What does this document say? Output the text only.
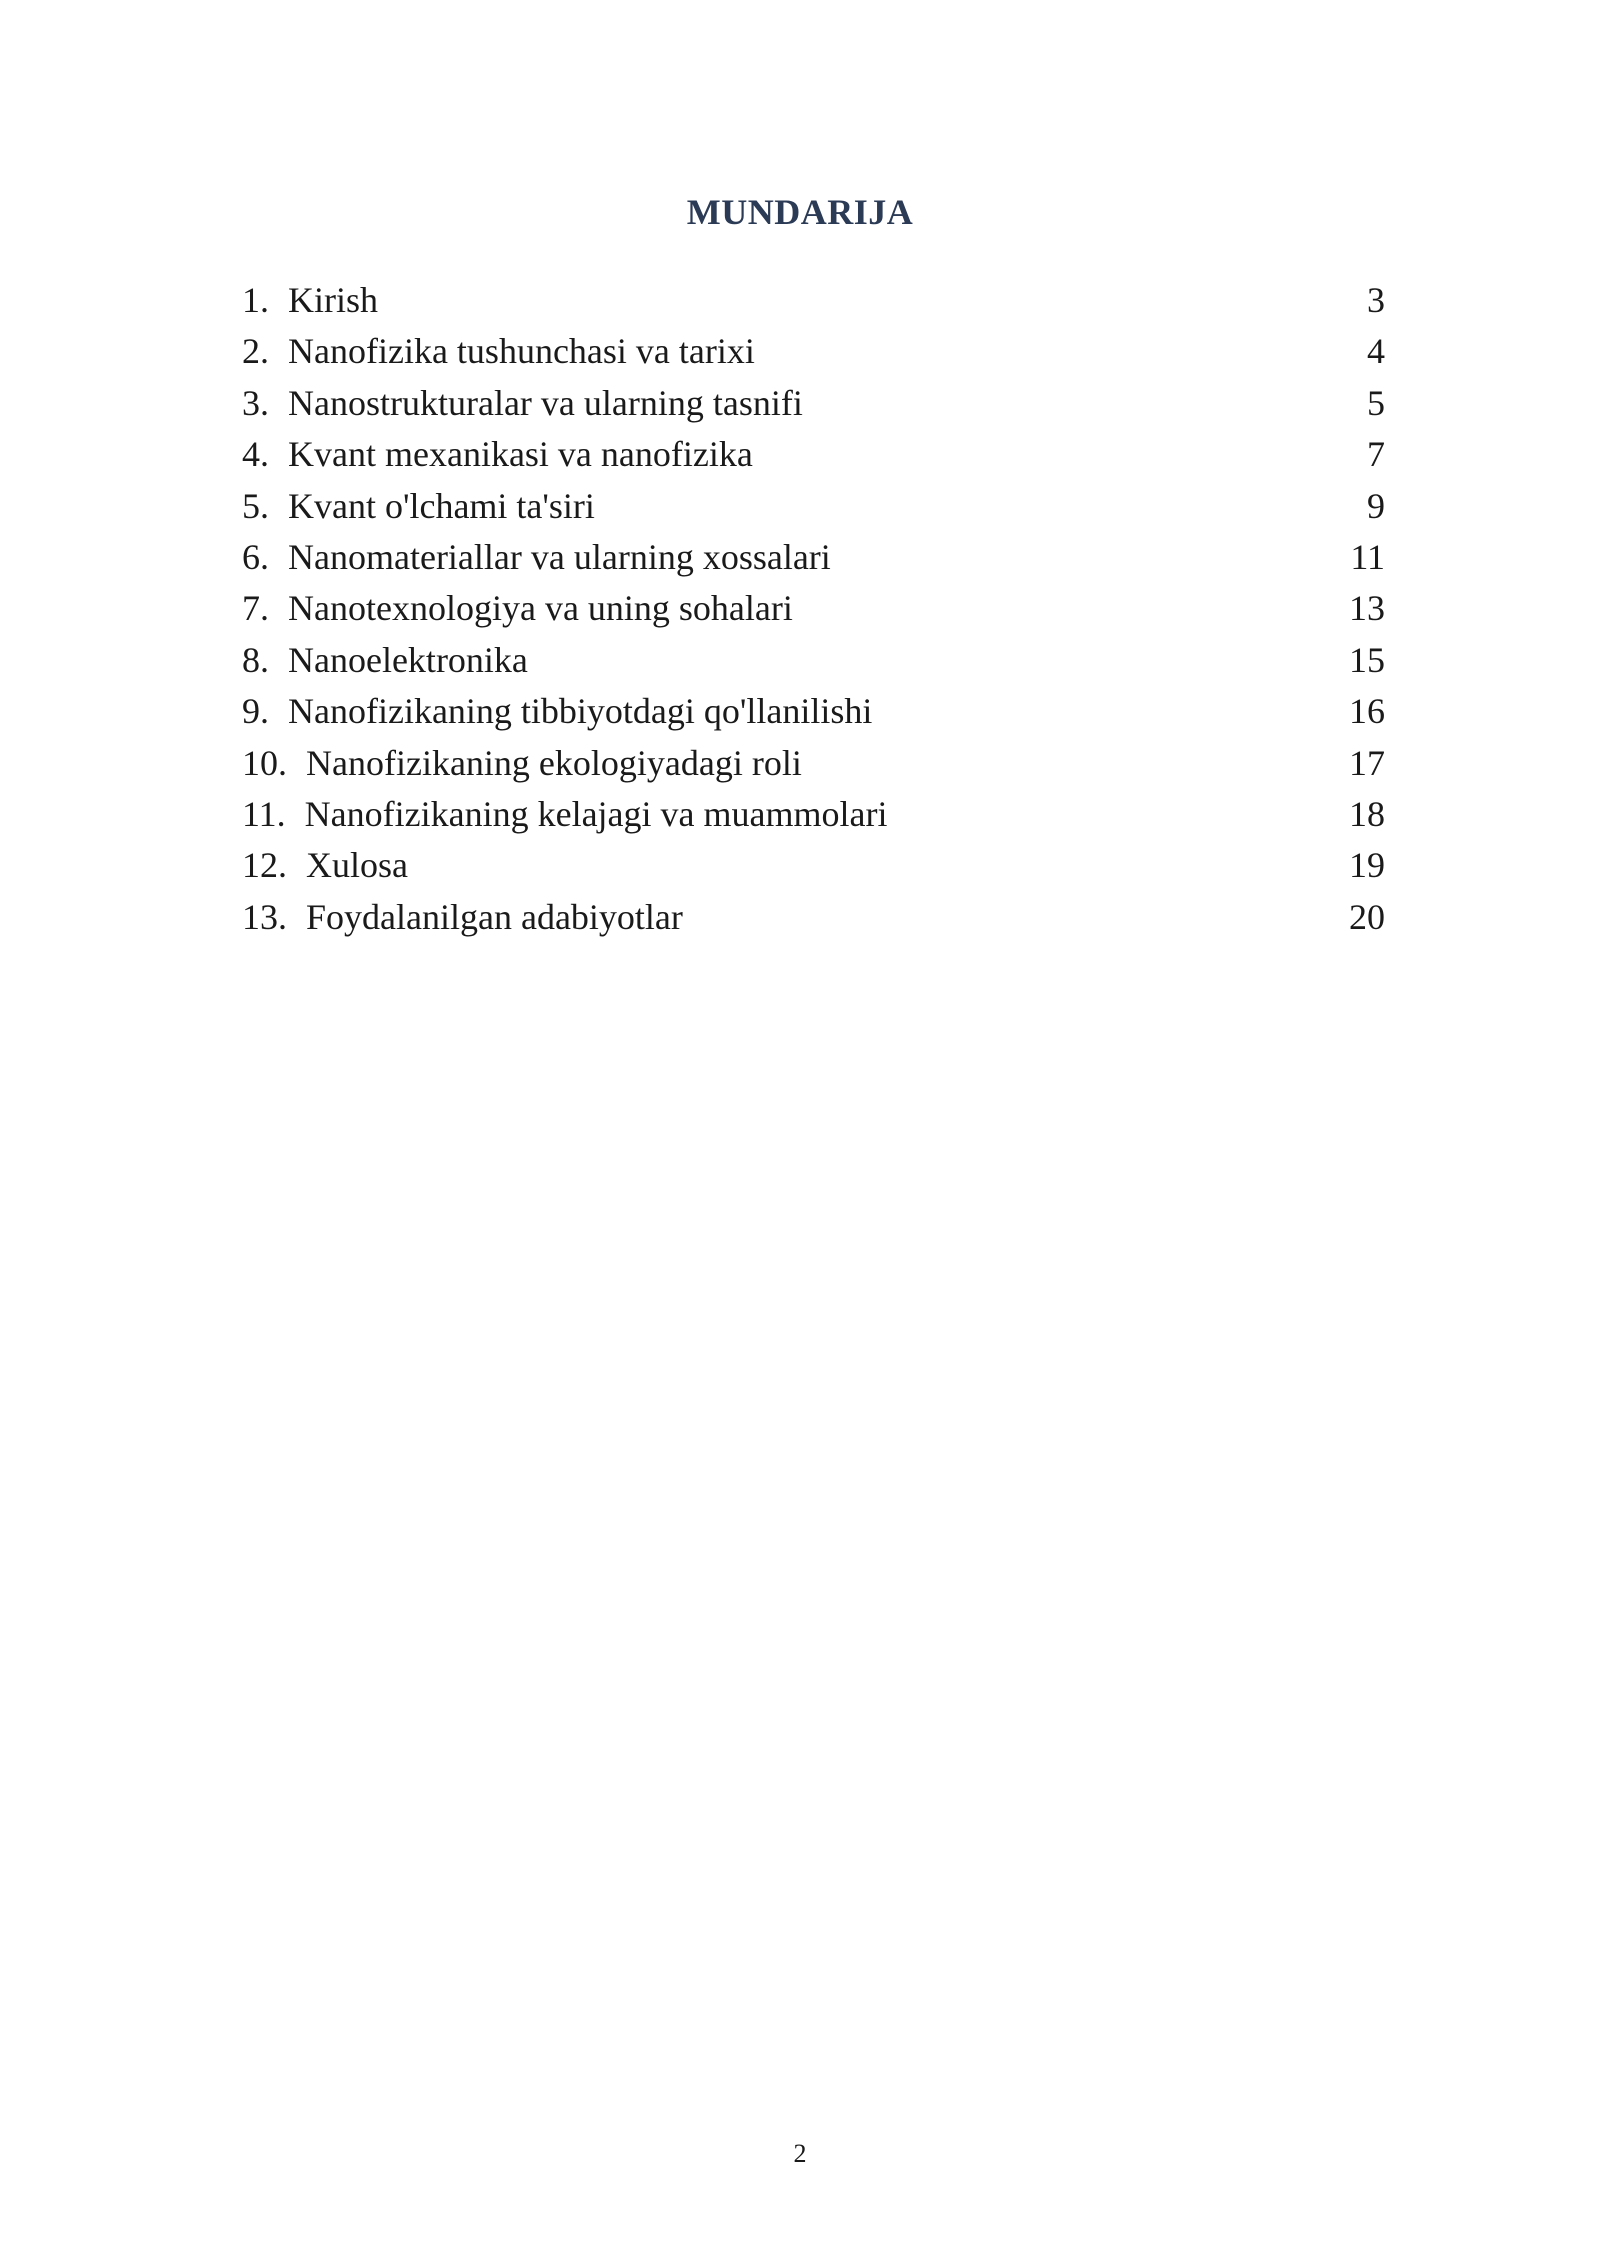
MUNDARIJA
1. Kirish	3
2. Nanofizika tushunchasi va tarixi	4
3. Nanostrukturalar va ularning tasnifi	5
4. Kvant mexanikasi va nanofizika	7
5. Kvant o'lchami ta'siri	9
6. Nanomateriallar va ularning xossalari	11
7. Nanotexnologiya va uning sohalari	13
8. Nanoelektronika	15
9. Nanofizikaning tibbiyotdagi qo'llanilishi	16
10. Nanofizikaning ekologiyadagi roli	17
11. Nanofizikaning kelajagi va muammolari	18
12. Xulosa	19
13. Foydalanilgan adabiyotlar	20
2
